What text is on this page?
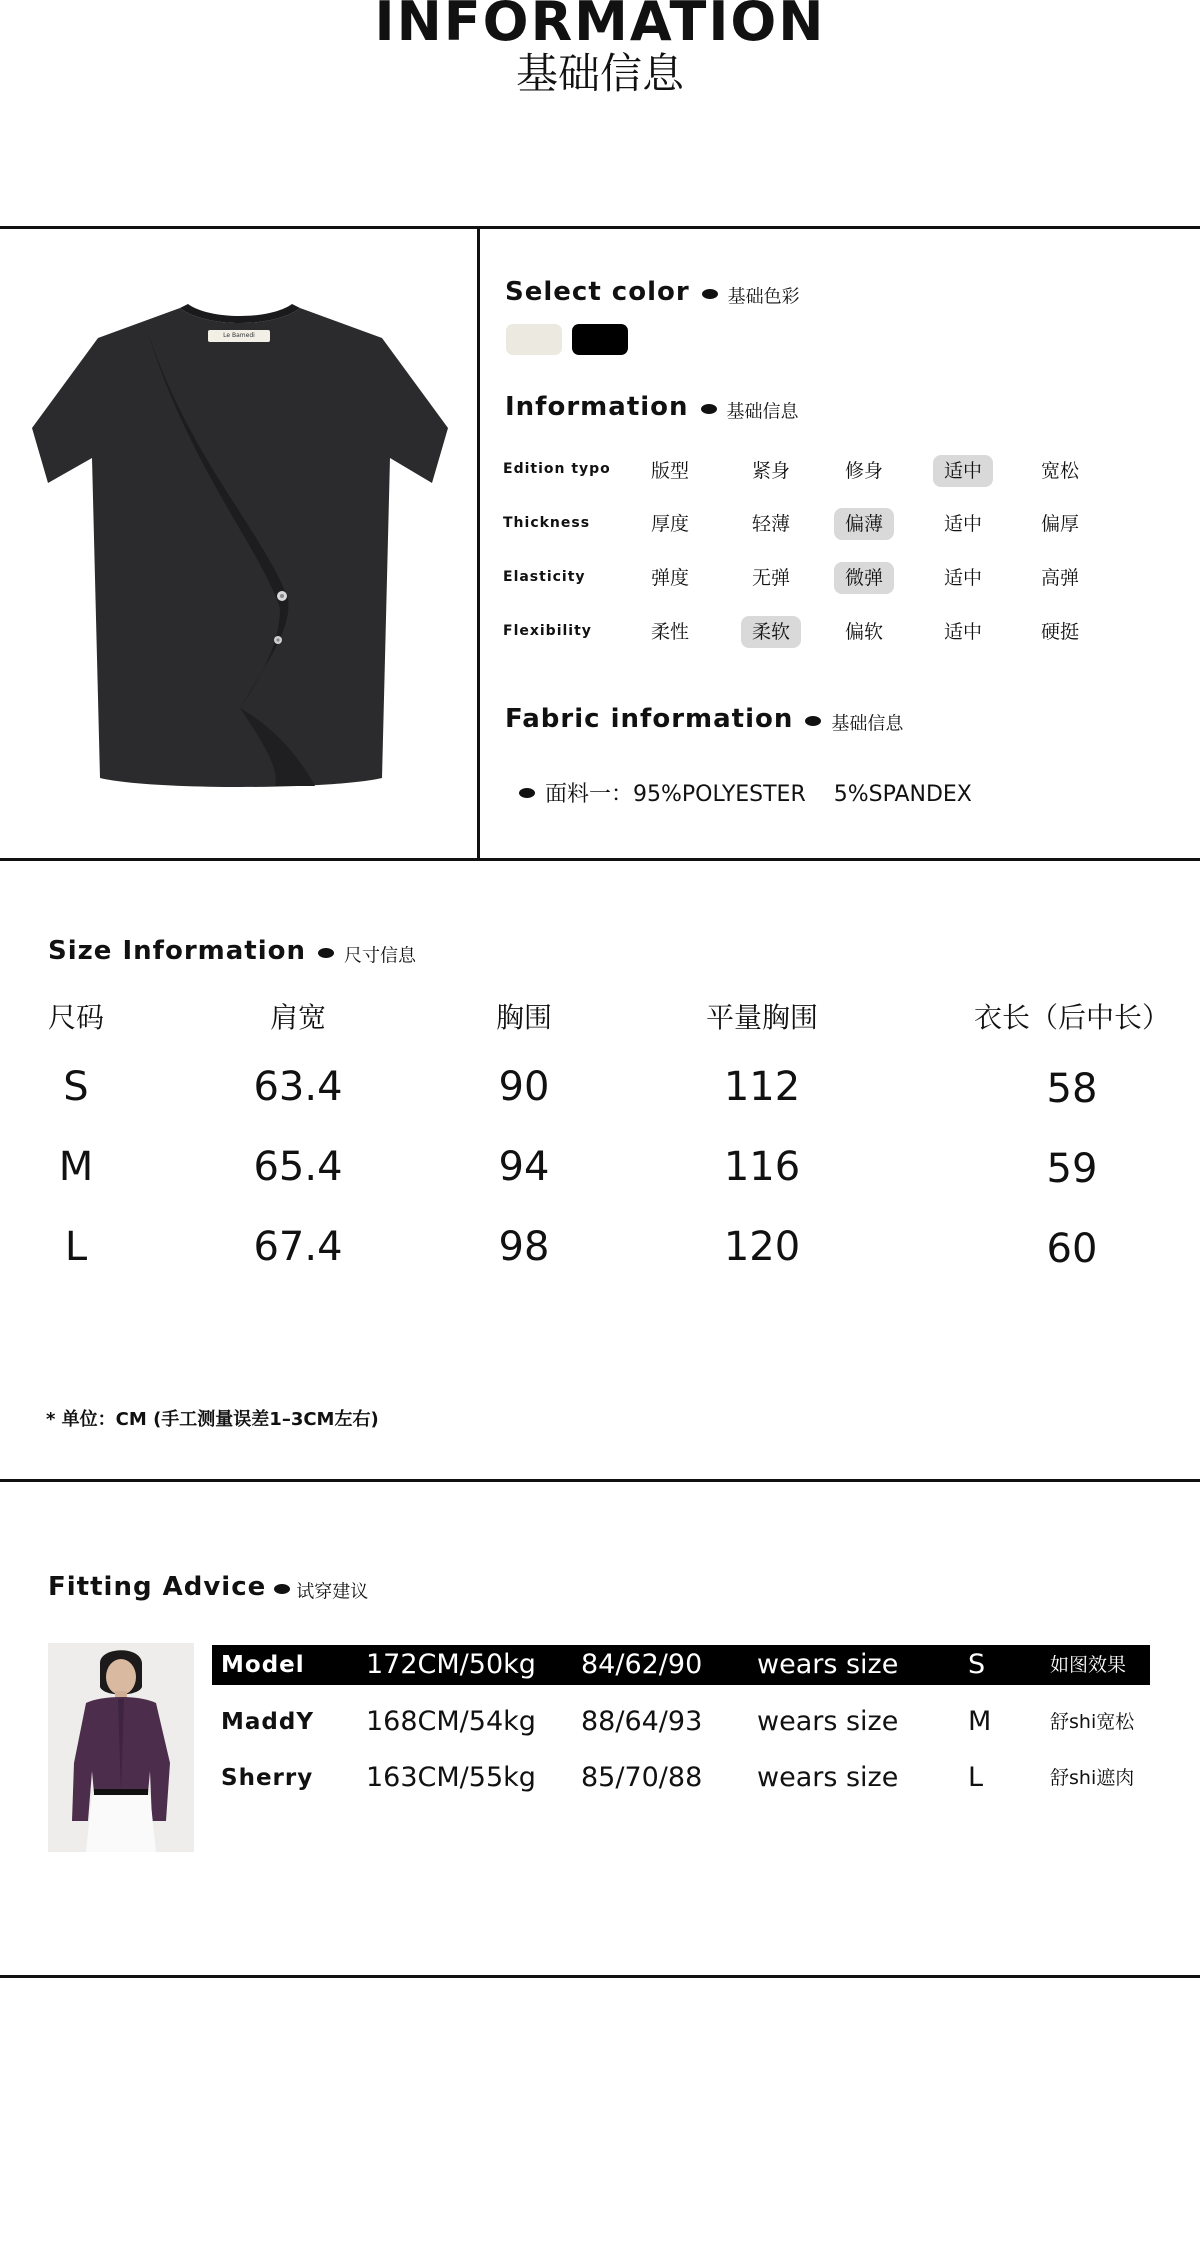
INFORMATION
基础信息
Le Bamedi
Select color 基础色彩
Information 基础信息
Edition typo	版型	紧身	修身	适中	宽松
Thickness	厚度	轻薄	偏薄	适中	偏厚
Elasticity	弹度	无弹	微弹	适中	高弹
Flexibility	柔性	柔软	偏软	适中	硬挺
Fabric information 基础信息

面料一：95%POLYESTER    5%SPANDEX

Size Information 尺寸信息
尺码	肩宽	胸围	平量胸围	衣长（后中长）
S	63.4	90	112	58
M	65.4	94	116	59
L	67.4	98	120	60
* 单位：CM (手工测量误差1–3CM左右)
Fitting Advice 试穿建议
Model 172CM/50kg 84/62/90 wears size	S	如图效果
MaddY 168CM/54kg 88/64/93 wears size	M	舒shi宽松
Sherry 163CM/55kg 85/70/88 wears size	L	舒shi遮肉
